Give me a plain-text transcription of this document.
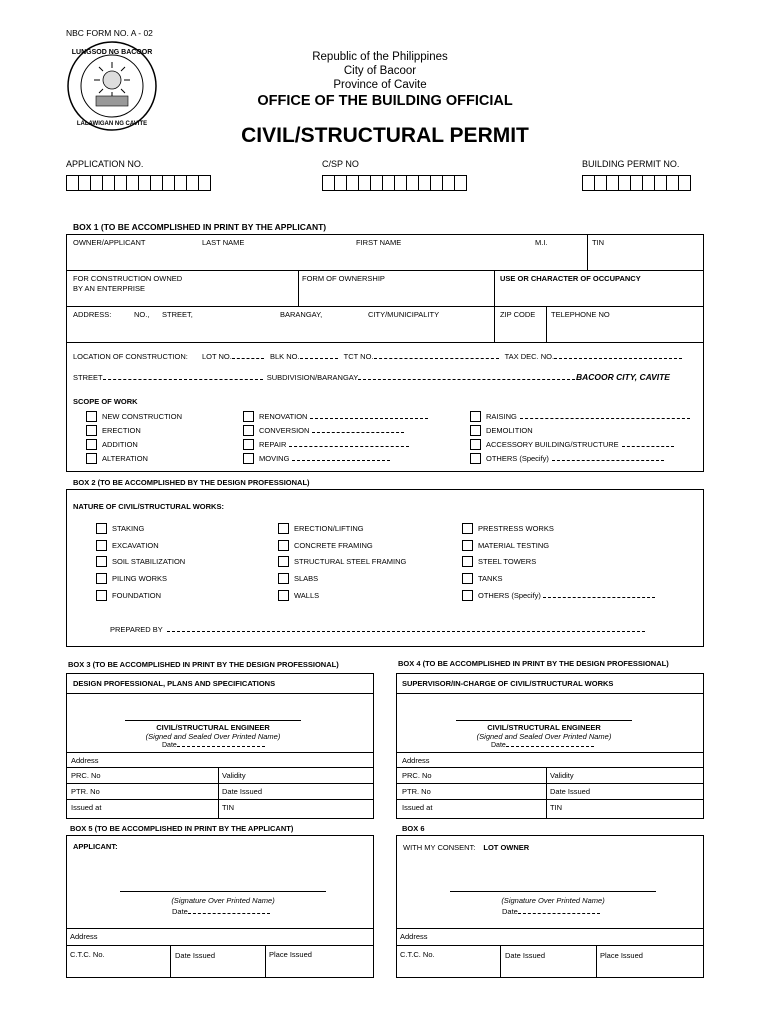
NBC FORM NO. A - 02
LUNGSOD NG BACOOR
LALAWIGAN NG CAVITE
Republic of the Philippines
City of Bacoor
Province of Cavite
OFFICE OF THE BUILDING OFFICIAL
CIVIL/STRUCTURAL PERMIT
APPLICATION NO.	C/SP NO	BUILDING PERMIT NO.
BOX 1 (TO BE ACCOMPLISHED IN PRINT BY THE APPLICANT)
OWNER/APPLICANT	LAST NAME	FIRST NAME	M.I.	TIN
FOR CONSTRUCTION OWNED
BY AN ENTERPRISE
FORM OF OWNERSHIP	USE OR CHARACTER OF OCCUPANCY
ADDRESS:	NO., STREET,	BARANGAY,	CITY/MUNICIPALITY	ZIP CODE TELEPHONE NO
LOCATION OF CONSTRUCTION: LOT NO.	BLK NO.	TCT NO.	TAX DEC. NO.
STREET	SUBDIVISION/BARANGAY	BACOOR CITY, CAVITE
SCOPE OF WORK
NEW CONSTRUCTION
ERECTION
ADDITION
ALTERATION
RENOVATION
CONVERSION
REPAIR
MOVING
RAISING
DEMOLITION
ACCESSORY BUILDING/STRUCTURE
OTHERS (Specify)
BOX 2 (TO BE ACCOMPLISHED BY THE DESIGN PROFESSIONAL)
NATURE OF CIVIL/STRUCTURAL WORKS:
STAKING
EXCAVATION
SOIL STABILIZATION
PILING WORKS
FOUNDATION
ERECTION/LIFTING
CONCRETE FRAMING
STRUCTURAL STEEL FRAMING
SLABS
WALLS
PRESTRESS WORKS
MATERIAL TESTING
STEEL TOWERS
TANKS
OTHERS (Specify)
PREPARED BY
BOX 3 (TO BE ACCOMPLISHED IN PRINT BY THE DESIGN PROFESSIONAL)	BOX 4 (TO BE ACCOMPLISHED IN PRINT BY THE DESIGN PROFESSIONAL)
DESIGN PROFESSIONAL, PLANS AND SPECIFICATIONS
CIVIL/STRUCTURAL ENGINEER
(Signed and Sealed Over Printed Name)
Date
Address
PRC. No	Validity
PTR. No	Date Issued
Issued at	TIN
SUPERVISOR/IN-CHARGE OF CIVIL/STRUCTURAL WORKS
CIVIL/STRUCTURAL ENGINEER
(Signed and Sealed Over Printed Name)
Date
Address
PRC. No	Validity
PTR. No	Date Issued
Issued at	TIN
BOX 5 (TO BE ACCOMPLISHED IN PRINT BY THE APPLICANT)	BOX 6
APPLICANT:
(Signature Over Printed Name)
Date
Address
C.T.C. No.	Date Issued	Place Issued
WITH MY CONSENT: LOT OWNER
(Signature Over Printed Name)
Date
Address
C.T.C. No.	Date Issued	Place Issued
